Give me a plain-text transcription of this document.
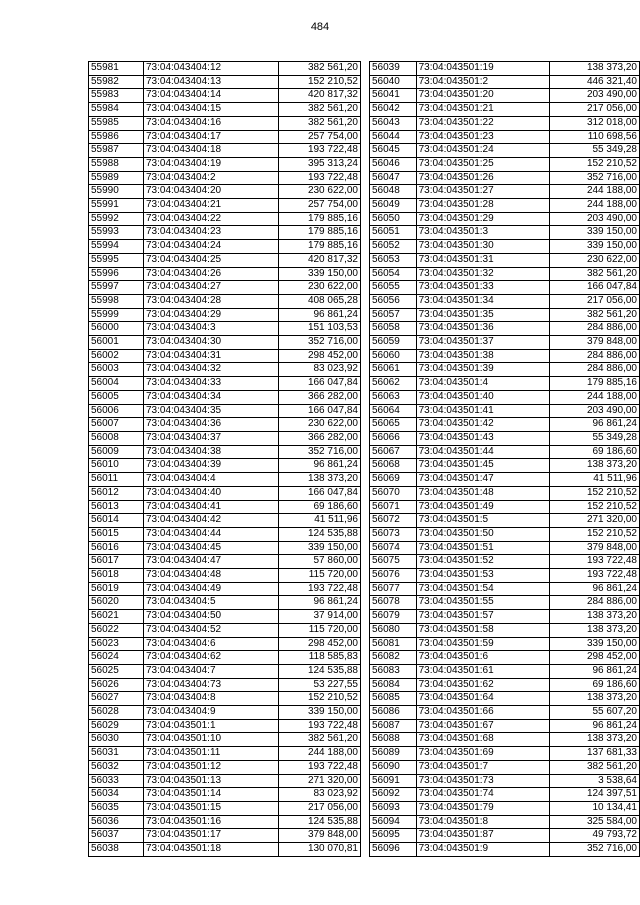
484
55981	73:04:043404:12	382 561,20
55982	73:04:043404:13	152 210,52
55983	73:04:043404:14	420 817,32
55984	73:04:043404:15	382 561,20
55985	73:04:043404:16	382 561,20
55986	73:04:043404:17	257 754,00
55987	73:04:043404:18	193 722,48
55988	73:04:043404:19	395 313,24
55989	73:04:043404:2	193 722,48
55990	73:04:043404:20	230 622,00
55991	73:04:043404:21	257 754,00
55992	73:04:043404:22	179 885,16
55993	73:04:043404:23	179 885,16
55994	73:04:043404:24	179 885,16
55995	73:04:043404:25	420 817,32
55996	73:04:043404:26	339 150,00
55997	73:04:043404:27	230 622,00
55998	73:04:043404:28	408 065,28
55999	73:04:043404:29	96 861,24
56000	73:04:043404:3	151 103,53
56001	73:04:043404:30	352 716,00
56002	73:04:043404:31	298 452,00
56003	73:04:043404:32	83 023,92
56004	73:04:043404:33	166 047,84
56005	73:04:043404:34	366 282,00
56006	73:04:043404:35	166 047,84
56007	73:04:043404:36	230 622,00
56008	73:04:043404:37	366 282,00
56009	73:04:043404:38	352 716,00
56010	73:04:043404:39	96 861,24
56011	73:04:043404:4	138 373,20
56012	73:04:043404:40	166 047,84
56013	73:04:043404:41	69 186,60
56014	73:04:043404:42	41 511,96
56015	73:04:043404:44	124 535,88
56016	73:04:043404:45	339 150,00
56017	73:04:043404:47	57 860,00
56018	73:04:043404:48	115 720,00
56019	73:04:043404:49	193 722,48
56020	73:04:043404:5	96 861,24
56021	73:04:043404:50	37 914,00
56022	73:04:043404:52	115 720,00
56023	73:04:043404:6	298 452,00
56024	73:04:043404:62	118 585,83
56025	73:04:043404:7	124 535,88
56026	73:04:043404:73	53 227,55
56027	73:04:043404:8	152 210,52
56028	73:04:043404:9	339 150,00
56029	73:04:043501:1	193 722,48
56030	73:04:043501:10	382 561,20
56031	73:04:043501:11	244 188,00
56032	73:04:043501:12	193 722,48
56033	73:04:043501:13	271 320,00
56034	73:04:043501:14	83 023,92
56035	73:04:043501:15	217 056,00
56036	73:04:043501:16	124 535,88
56037	73:04:043501:17	379 848,00
56038	73:04:043501:18	130 070,81
56039	73:04:043501:19	138 373,20
56040	73:04:043501:2	446 321,40
56041	73:04:043501:20	203 490,00
56042	73:04:043501:21	217 056,00
56043	73:04:043501:22	312 018,00
56044	73:04:043501:23	110 698,56
56045	73:04:043501:24	55 349,28
56046	73:04:043501:25	152 210,52
56047	73:04:043501:26	352 716,00
56048	73:04:043501:27	244 188,00
56049	73:04:043501:28	244 188,00
56050	73:04:043501:29	203 490,00
56051	73:04:043501:3	339 150,00
56052	73:04:043501:30	339 150,00
56053	73:04:043501:31	230 622,00
56054	73:04:043501:32	382 561,20
56055	73:04:043501:33	166 047,84
56056	73:04:043501:34	217 056,00
56057	73:04:043501:35	382 561,20
56058	73:04:043501:36	284 886,00
56059	73:04:043501:37	379 848,00
56060	73:04:043501:38	284 886,00
56061	73:04:043501:39	284 886,00
56062	73:04:043501:4	179 885,16
56063	73:04:043501:40	244 188,00
56064	73:04:043501:41	203 490,00
56065	73:04:043501:42	96 861,24
56066	73:04:043501:43	55 349,28
56067	73:04:043501:44	69 186,60
56068	73:04:043501:45	138 373,20
56069	73:04:043501:47	41 511,96
56070	73:04:043501:48	152 210,52
56071	73:04:043501:49	152 210,52
56072	73:04:043501:5	271 320,00
56073	73:04:043501:50	152 210,52
56074	73:04:043501:51	379 848,00
56075	73:04:043501:52	193 722,48
56076	73:04:043501:53	193 722,48
56077	73:04:043501:54	96 861,24
56078	73:04:043501:55	284 886,00
56079	73:04:043501:57	138 373,20
56080	73:04:043501:58	138 373,20
56081	73:04:043501:59	339 150,00
56082	73:04:043501:6	298 452,00
56083	73:04:043501:61	96 861,24
56084	73:04:043501:62	69 186,60
56085	73:04:043501:64	138 373,20
56086	73:04:043501:66	55 607,20
56087	73:04:043501:67	96 861,24
56088	73:04:043501:68	138 373,20
56089	73:04:043501:69	137 681,33
56090	73:04:043501:7	382 561,20
56091	73:04:043501:73	3 538,64
56092	73:04:043501:74	124 397,51
56093	73:04:043501:79	10 134,41
56094	73:04:043501:8	325 584,00
56095	73:04:043501:87	49 793,72
56096	73:04:043501:9	352 716,00
